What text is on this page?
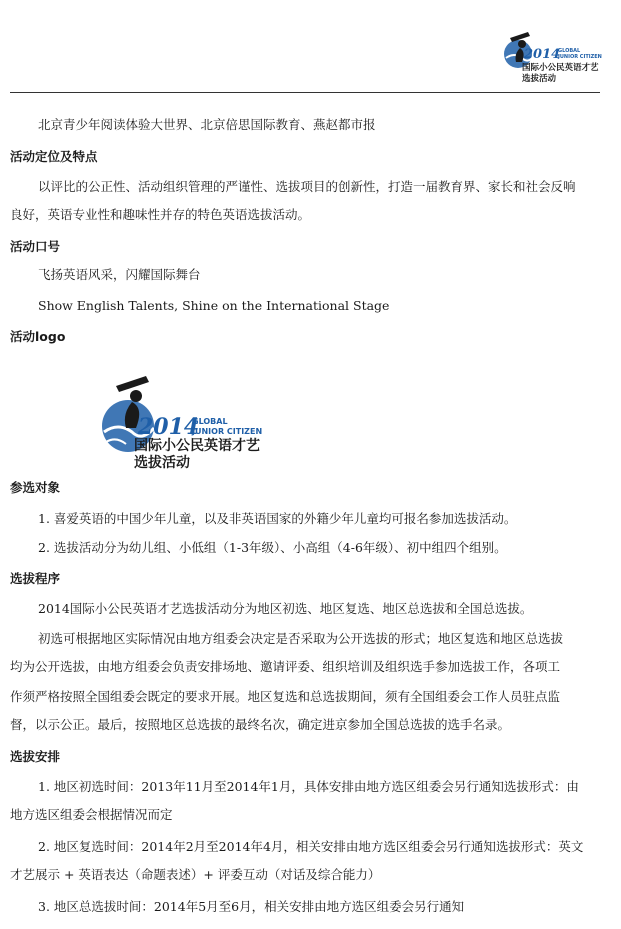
2014
GLOBAL
JUNIOR CITIZEN
国际小公民英语才艺
选拔活动
北京青少年阅读体验大世界、北京倍思国际教育、燕赵都市报
活动定位及特点
以评比的公正性、活动组织管理的严谨性、选拔项目的创新性，打造一届教育界、家长和社会反响
良好，英语专业性和趣味性并存的特色英语选拔活动。
活动口号
飞扬英语风采，闪耀国际舞台
Show English Talents, Shine on the International Stage
活动logo
2014
GLOBAL
JUNIOR CITIZEN
国际小公民英语才艺
选拔活动
参选对象
1. 喜爱英语的中国少年儿童，以及非英语国家的外籍少年儿童均可报名参加选拔活动。
2. 选拔活动分为幼儿组、小低组（1-3年级）、小高组（4-6年级）、初中组四个组别。
选拔程序
2014国际小公民英语才艺选拔活动分为地区初选、地区复选、地区总选拔和全国总选拔。
初选可根据地区实际情况由地方组委会决定是否采取为公开选拔的形式；地区复选和地区总选拔
均为公开选拔，由地方组委会负责安排场地、邀请评委、组织培训及组织选手参加选拔工作，各项工
作须严格按照全国组委会既定的要求开展。地区复选和总选拔期间，须有全国组委会工作人员驻点监
督，以示公正。最后，按照地区总选拔的最终名次，确定进京参加全国总选拔的选手名录。
选拔安排
1. 地区初选时间：2013年11月至2014年1月，具体安排由地方选区组委会另行通知选拔形式：由
地方选区组委会根据情况而定
2. 地区复选时间：2014年2月至2014年4月，相关安排由地方选区组委会另行通知选拔形式：英文
才艺展示 + 英语表达（命题表述）+ 评委互动（对话及综合能力）
3. 地区总选拔时间：2014年5月至6月，相关安排由地方选区组委会另行通知
